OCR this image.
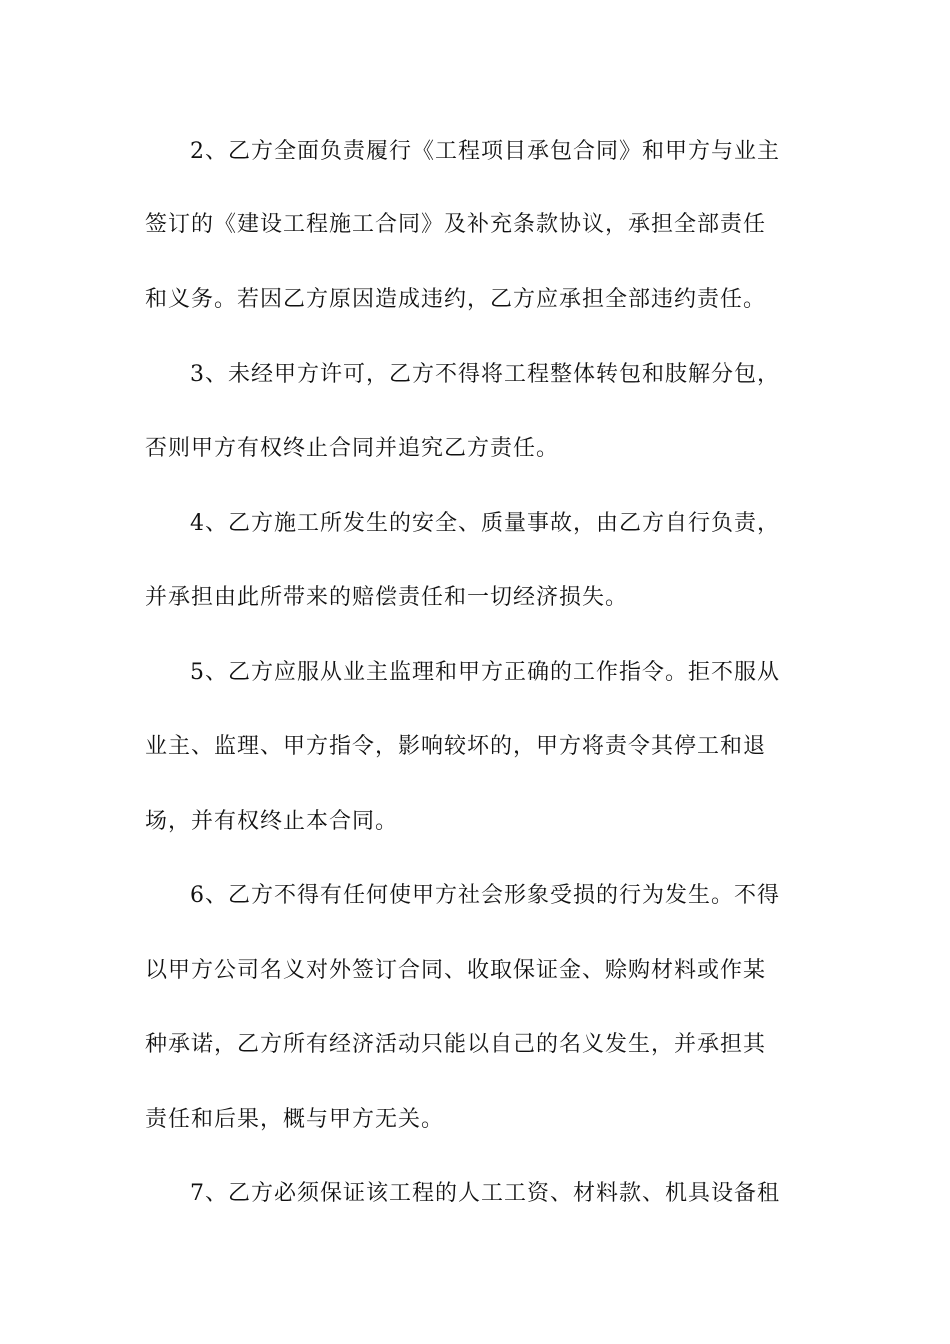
2、乙方全面负责履行《工程项目承包合同》和甲方与业主
签订的《建设工程施工合同》及补充条款协议，承担全部责任
和义务。若因乙方原因造成违约，乙方应承担全部违约责任。
3、未经甲方许可，乙方不得将工程整体转包和肢解分包，
否则甲方有权终止合同并追究乙方责任。
4、乙方施工所发生的安全、质量事故，由乙方自行负责，
并承担由此所带来的赔偿责任和一切经济损失。
5、乙方应服从业主监理和甲方正确的工作指令。拒不服从
业主、监理、甲方指令，影响较坏的，甲方将责令其停工和退
场，并有权终止本合同。
6、乙方不得有任何使甲方社会形象受损的行为发生。不得
以甲方公司名义对外签订合同、收取保证金、赊购材料或作某
种承诺，乙方所有经济活动只能以自己的名义发生，并承担其
责任和后果，概与甲方无关。
7、乙方必须保证该工程的人工工资、材料款、机具设备租
